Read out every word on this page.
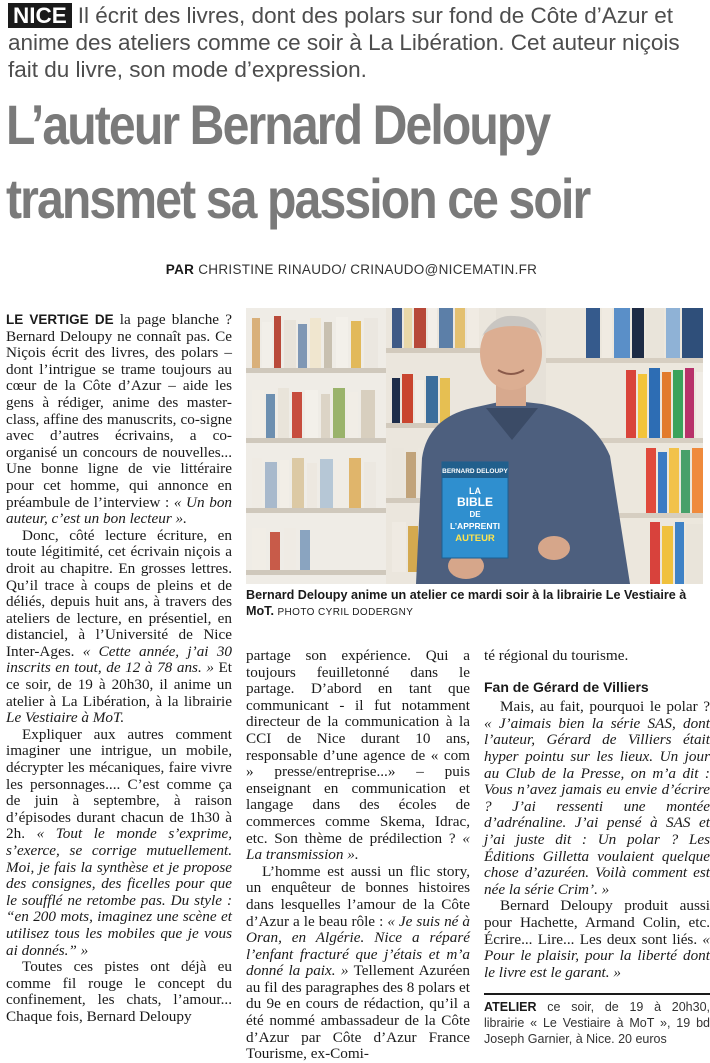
NICE Il écrit des livres, dont des polars sur fond de Côte d’Azur et anime des ateliers comme ce soir à La Libération. Cet auteur niçois fait du livre, son mode d’expression.
L’auteur Bernard Deloupy
transmet sa passion ce soir
PAR CHRISTINE RINAUDO/ CRINAUDO@NICEMATIN.FR

LE VERTIGE DE la page blanche ? Bernard Deloupy ne connaît pas. Ce Niçois écrit des livres, des polars – dont l’intrigue se trame toujours au cœur de la Côte d’Azur – aide les gens à rédiger, anime des master-class, affine des manuscrits, co-signe avec d’autres écrivains, a co-organisé un concours de nouvelles... Une bonne ligne de vie littéraire pour cet homme, qui annonce en préambule de l’interview : « Un bon auteur, c’est un bon lecteur ».

Donc, côté lecture écriture, en toute légitimité, cet écrivain niçois a droit au chapitre. En grosses lettres. Qu’il trace à coups de pleins et de déliés, depuis huit ans, à travers des ateliers de lecture, en présentiel, en distanciel, à l’Université de Nice Inter-Ages. « Cette année, j’ai 30 inscrits en tout, de 12 à 78 ans. » Et ce soir, de 19 à 20h30, il anime un atelier à La Libération, à la librairie Le Vestiaire à MoT.

Expliquer aux autres comment imaginer une intrigue, un mobile, décrypter les mécaniques, faire vivre les personnages.... C’est comme ça de juin à septembre, à raison d’épisodes durant chacun de 1h30 à 2h. « Tout le monde s’exprime, s’exerce, se corrige mutuellement. Moi, je fais la synthèse et je propose des consignes, des ficelles pour que le soufflé ne retombe pas. Du style : “en 200 mots, imaginez une scène et utilisez tous les mobiles que je vous ai donnés.” »

Toutes ces pistes ont déjà eu comme fil rouge le concept du confinement, les chats, l’amour... Chaque fois, Bernard Deloupy

BERNARD DELOUPY
LA
BIBLE
DE
L’APPRENTI
AUTEUR
Bernard Deloupy anime un atelier ce mardi soir à la librairie Le Vestiaire à MoT. PHOTO CYRIL DODERGNY

partage son expérience. Qui a toujours feuilletonné dans le partage. D’abord en tant que communicant - il fut notamment directeur de la communication à la CCI de Nice durant 10 ans, responsable d’une agence de « com » presse/entreprise...» – puis enseignant en communication et langage dans des écoles de commerces comme Skema, Idrac, etc. Son thème de prédilection ? « La transmission ».

L’homme est aussi un flic story, un enquêteur de bonnes histoires dans lesquelles l’amour de la Côte d’Azur a le beau rôle : « Je suis né à Oran, en Algérie. Nice a réparé l’enfant fracturé que j’étais et m’a donné la paix. » Tellement Azuréen au fil des paragraphes des 8 polars et du 9e en cours de rédaction, qu’il a été nommé ambassadeur de la Côte d’Azur par Côte d’Azur France Tourisme, ex-Comi-

té régional du tourisme.

Fan de Gérard de Villiers

Mais, au fait, pourquoi le polar ? « J’aimais bien la série SAS, dont l’auteur, Gérard de Villiers était hyper pointu sur les lieux. Un jour au Club de la Presse, on m’a dit : Vous n’avez jamais eu envie d’écrire ? J’ai ressenti une montée d’adrénaline. J’ai pensé à SAS et j’ai juste dit : Un polar ? Les Éditions Gilletta voulaient quelque chose d’azuréen. Voilà comment est née la série Crim’. »

Bernard Deloupy produit aussi pour Hachette, Armand Colin, etc. Écrire... Lire... Les deux sont liés. « Pour le plaisir, pour la liberté dont le livre est le garant. »

ATELIER ce soir, de 19 à 20h30, librairie « Le Vestiaire à MoT », 19 bd Joseph Garnier, à Nice. 20 euros
